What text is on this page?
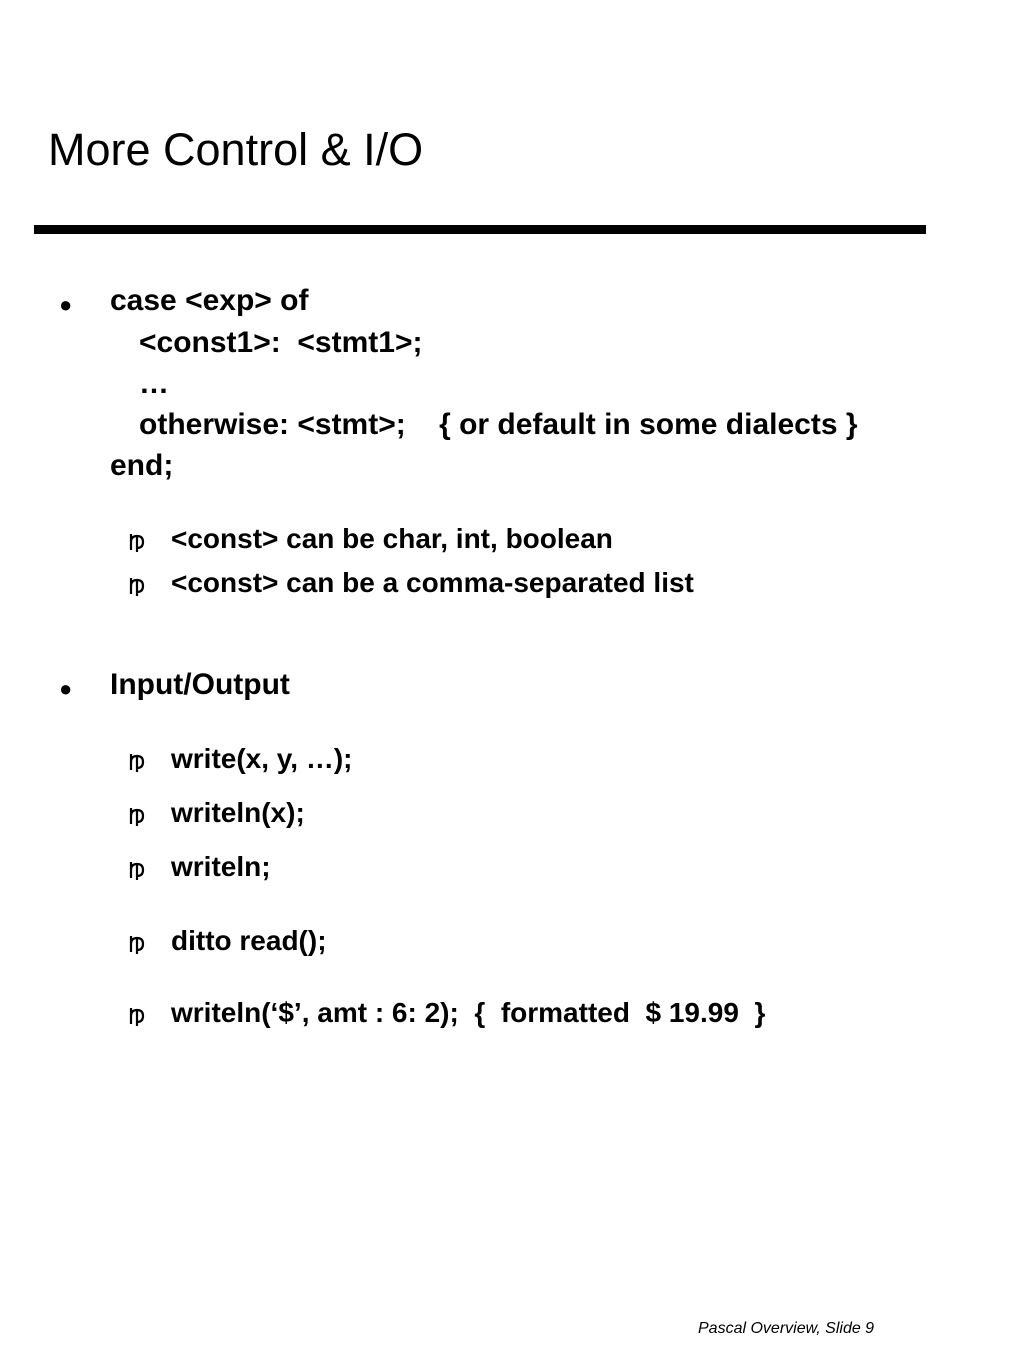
More Control & I/O
● case <exp> of
<const1>:  <stmt1>;
…
otherwise: <stmt>;    { or default in some dialects }
end;
<const> can be char, int, boolean
<const> can be a comma-separated list
● Input/Output
write(x, y, …);
writeln(x);
writeln;
ditto read();
writeln(‘$’, amt : 6: 2);  {  formatted  $ 19.99  }
Pascal Overview, Slide 9
